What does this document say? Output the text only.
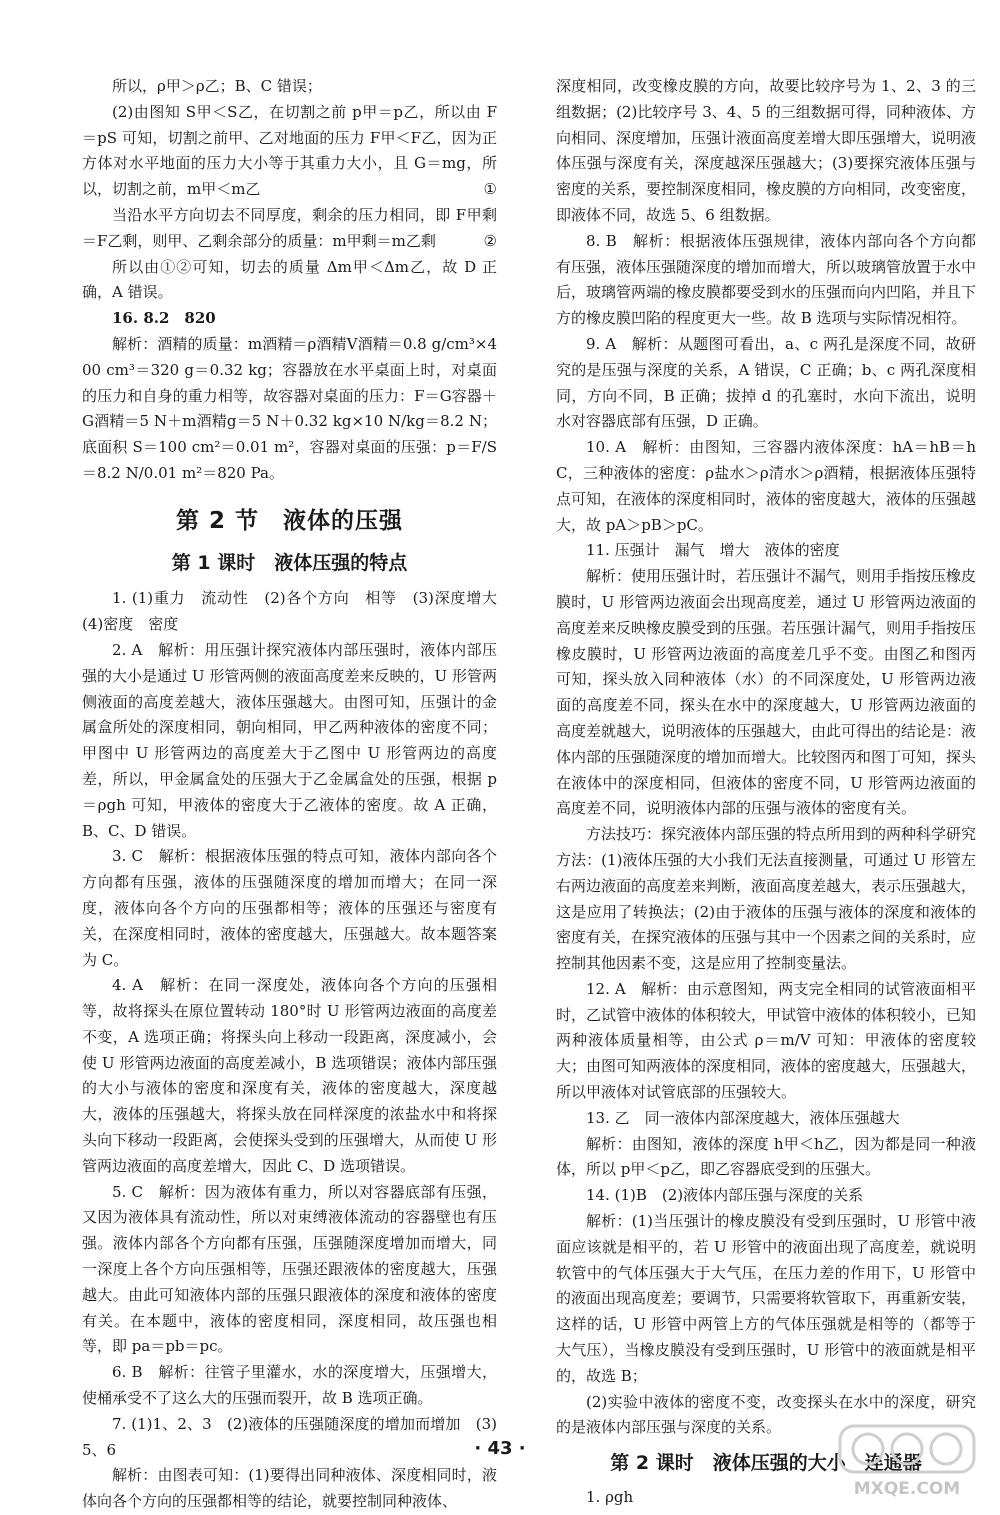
所以，ρ甲＞ρ乙；B、C 错误；

(2)由图知 S甲＜S乙，在切割之前 p甲＝p乙，所以由 F＝pS 可知，切割之前甲、乙对地面的压力 F甲＜F乙，因为正方体对水平地面的压力大小等于其重力大小，且 G＝mg，所以，切割之前，m甲＜m乙	①

当沿水平方向切去不同厚度，剩余的压力相同，即 F甲剩＝F乙剩，则甲、乙剩余部分的质量：m甲剩＝m乙剩	②

所以由①②可知，切去的质量 Δm甲＜Δm乙，故 D 正确，A 错误。

16. 8.2　820

解析：酒精的质量：m酒精＝ρ酒精V酒精＝0.8 g/cm³×400 cm³＝320 g＝0.32 kg；容器放在水平桌面上时，对桌面的压力和自身的重力相等，故容器对桌面的压力：F＝G容器＋G酒精＝5 N＋m酒精g＝5 N＋0.32 kg×10 N/kg＝8.2 N；底面积 S＝100 cm²＝0.01 m²，容器对桌面的压强：p＝F/S＝8.2 N/0.01 m²＝820 Pa。

第 2 节　液体的压强
第 1 课时　液体压强的特点

1. (1)重力　流动性　(2)各个方向　相等　(3)深度增大　(4)密度　密度

2. A　解析：用压强计探究液体内部压强时，液体内部压强的大小是通过 U 形管两侧的液面高度差来反映的，U 形管两侧液面的高度差越大，液体压强越大。由图可知，压强计的金属盒所处的深度相同，朝向相同，甲乙两种液体的密度不同；甲图中 U 形管两边的高度差大于乙图中 U 形管两边的高度差，所以，甲金属盒处的压强大于乙金属盒处的压强，根据 p＝ρgh 可知，甲液体的密度大于乙液体的密度。故 A 正确，B、C、D 错误。

3. C　解析：根据液体压强的特点可知，液体内部向各个方向都有压强，液体的压强随深度的增加而增大；在同一深度，液体向各个方向的压强都相等；液体的压强还与密度有关，在深度相同时，液体的密度越大，压强越大。故本题答案为 C。

4. A　解析：在同一深度处，液体向各个方向的压强相等，故将探头在原位置转动 180°时 U 形管两边液面的高度差不变，A 选项正确；将探头向上移动一段距离，深度减小，会使 U 形管两边液面的高度差减小，B 选项错误；液体内部压强的大小与液体的密度和深度有关，液体的密度越大，深度越大，液体的压强越大，将探头放在同样深度的浓盐水中和将探头向下移动一段距离，会使探头受到的压强增大，从而使 U 形管两边液面的高度差增大，因此 C、D 选项错误。

5. C　解析：因为液体有重力，所以对容器底部有压强，又因为液体具有流动性，所以对束缚液体流动的容器壁也有压强。液体内部各个方向都有压强，压强随深度增加而增大，同一深度上各个方向压强相等，压强还跟液体的密度越大，压强越大。由此可知液体内部的压强只跟液体的深度和液体的密度有关。在本题中，液体的密度相同，深度相同，故压强也相等，即 pa＝pb＝pc。

6. B　解析：往管子里灌水，水的深度增大，压强增大，使桶承受不了这么大的压强而裂开，故 B 选项正确。

7. (1)1、2、3　(2)液体的压强随深度的增加而增加　(3)5、6

解析：由图表可知：(1)要得出同种液体、深度相同时，液体向各个方向的压强都相等的结论，就要控制同种液体、

深度相同，改变橡皮膜的方向，故要比较序号为 1、2、3 的三组数据；(2)比较序号 3、4、5 的三组数据可得，同种液体、方向相同、深度增加，压强计液面高度差增大即压强增大，说明液体压强与深度有关，深度越深压强越大；(3)要探究液体压强与密度的关系，要控制深度相同，橡皮膜的方向相同，改变密度，即液体不同，故选 5、6 组数据。

8. B　解析：根据液体压强规律，液体内部向各个方向都有压强，液体压强随深度的增加而增大，所以玻璃管放置于水中后，玻璃管两端的橡皮膜都要受到水的压强而向内凹陷，并且下方的橡皮膜凹陷的程度更大一些。故 B 选项与实际情况相符。

9. A　解析：从题图可看出，a、c 两孔是深度不同，故研究的是压强与深度的关系，A 错误，C 正确；b、c 两孔深度相同，方向不同，B 正确；拔掉 d 的孔塞时，水向下流出，说明水对容器底部有压强，D 正确。

10. A　解析：由图知，三容器内液体深度：hA＝hB＝hC，三种液体的密度：ρ盐水＞ρ清水＞ρ酒精，根据液体压强特点可知，在液体的深度相同时，液体的密度越大，液体的压强越大，故 pA＞pB＞pC。

11. 压强计　漏气　增大　液体的密度

解析：使用压强计时，若压强计不漏气，则用手指按压橡皮膜时，U 形管两边液面会出现高度差，通过 U 形管两边液面的高度差来反映橡皮膜受到的压强。若压强计漏气，则用手指按压橡皮膜时，U 形管两边液面的高度差几乎不变。由图乙和图丙可知，探头放入同种液体（水）的不同深度处，U 形管两边液面的高度差不同，探头在水中的深度越大，U 形管两边液面的高度差就越大，说明液体的压强越大，由此可得出的结论是：液体内部的压强随深度的增加而增大。比较图丙和图丁可知，探头在液体中的深度相同，但液体的密度不同，U 形管两边液面的高度差不同，说明液体内部的压强与液体的密度有关。

方法技巧：探究液体内部压强的特点所用到的两种科学研究方法：(1)液体压强的大小我们无法直接测量，可通过 U 形管左右两边液面的高度差来判断，液面高度差越大，表示压强越大，这是应用了转换法；(2)由于液体的压强与液体的深度和液体的密度有关，在探究液体的压强与其中一个因素之间的关系时，应控制其他因素不变，这是应用了控制变量法。

12. A　解析：由示意图知，两支完全相同的试管液面相平时，乙试管中液体的体积较大，甲试管中液体的体积较小，已知两种液体质量相等，由公式 ρ＝m/V 可知：甲液体的密度较大；由图可知两液体的深度相同，液体的密度越大，压强越大，所以甲液体对试管底部的压强较大。

13. 乙　同一液体内部深度越大，液体压强越大

解析：由图知，液体的深度 h甲＜h乙，因为都是同一种液体，所以 p甲＜p乙，即乙容器底受到的压强大。

14. (1)B　(2)液体内部压强与深度的关系

解析：(1)当压强计的橡皮膜没有受到压强时，U 形管中液面应该就是相平的，若 U 形管中的液面出现了高度差，就说明软管中的气体压强大于大气压，在压力差的作用下，U 形管中的液面出现高度差；要调节，只需要将软管取下，再重新安装，这样的话，U 形管中两管上方的气体压强就是相等的（都等于大气压），当橡皮膜没有受到压强时，U 形管中的液面就是相平的，故选 B；

(2)实验中液体的密度不变，改变探头在水中的深度，研究的是液体内部压强与深度的关系。

第 2 课时　液体压强的大小　连通器

1. ρgh

· 43 ·
MXQE.COM
